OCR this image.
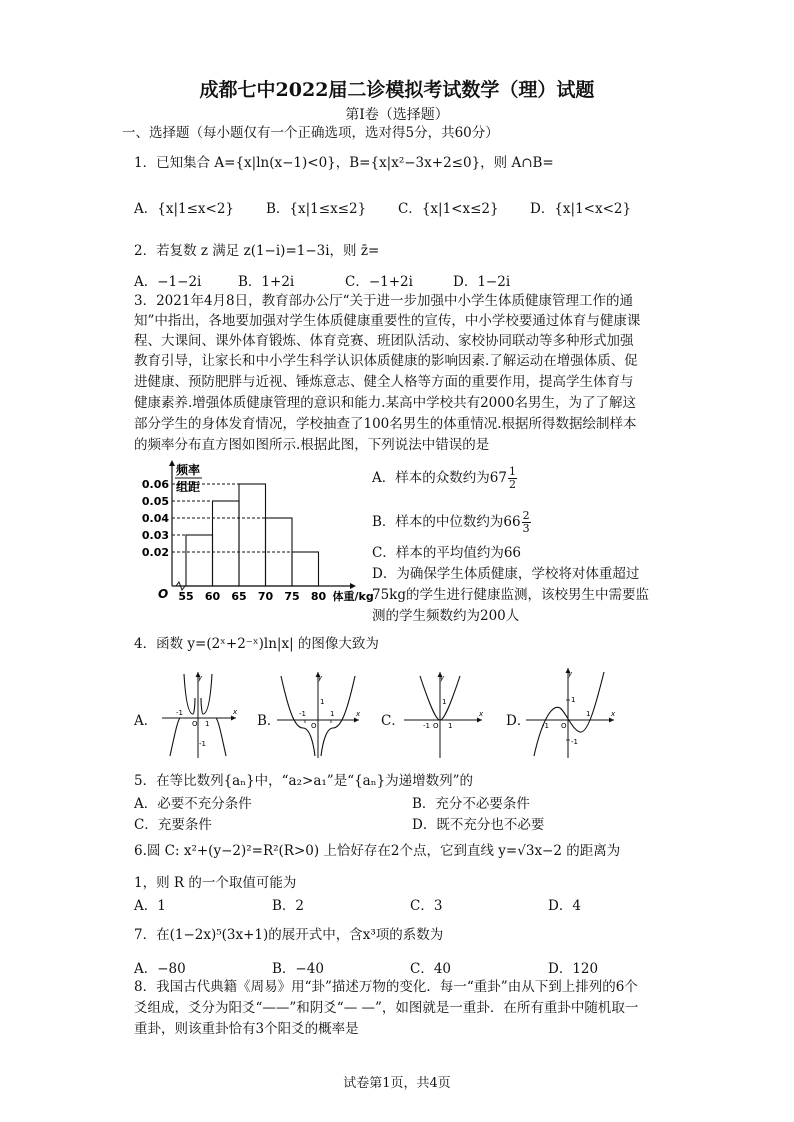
成都七中2022届二诊模拟考试数学（理）试题
第Ⅰ卷（选择题）
一、选择题（每小题仅有一个正确选项，选对得5分，共60分）
1．已知集合 A={x|ln(x−1)<0}，B={x|x²−3x+2≤0}，则 A∩B=
A．{x|1≤x<2} B．{x|1≤x≤2} C．{x|1<x≤2} D．{x|1<x<2}
2．若复数 z 满足 z(1−i)=1−3i，则 z̄=
A．−1−2i	B．1+2i	C．−1+2i	D．1−2i
3．2021年4月8日，教育部办公厅“关于进一步加强中小学生体质健康管理工作的通
知”中指出，各地要加强对学生体质健康重要性的宣传，中小学校要通过体育与健康课
程、大课间、课外体育锻炼、体育竞赛、班团队活动、家校协同联动等多种形式加强
教育引导，让家长和中小学生科学认识体质健康的影响因素.了解运动在增强体质、促
进健康、预防肥胖与近视、锤炼意志、健全人格等方面的重要作用，提高学生体育与
健康素养.增强体质健康管理的意识和能力.某高中学校共有2000名男生，为了了解这
部分学生的身体发育情况，学校抽查了100名男生的体重情况.根据所得数据绘制样本
的频率分布直方图如图所示.根据此图，下列说法中错误的是
0.06
0.05
0.04
0.03
0.02
55 60 65 70 75 80
O	体重/kg
频率
组距
A．样本的众数约为$67 \frac{1}{2}$
B．样本的中位数约为$66 \frac{2}{3}$
C．样本的平均值约为66
D．为确保学生体质健康，学校将对体重超过
75kg的学生进行健康监测，该校男生中需要监
测的学生频数约为200人
4．函数 y=(2ˣ+2⁻ˣ)ln|x| 的图像大致为
A．	B．	C．	D．
y
x
O
-1
1
-1
y
x
O
-1	1
1
y
x
O
-1	1
1
y
x
O
-1
1
1
-1
5．在等比数列{aₙ}中，“a₂>a₁”是“{aₙ}为递增数列”的
A．必要不充分条件	B．充分不必要条件
C．充要条件	D．既不充分也不必要
6.圆 C: x²+(y−2)²=R²(R>0) 上恰好存在2个点，它到直线 y=√3x−2 的距离为
1，则 R 的一个取值可能为
A．1	B．2	C．3	D．4
7．在(1−2x)⁵(3x+1)的展开式中，含x³项的系数为
A．−80	B．−40	C．40	D．120
8．我国古代典籍《周易》用“卦”描述万物的变化．每一“重卦”由从下到上排列的6个
爻组成，爻分为阳爻“——”和阴爻“— —”，如图就是一重卦．在所有重卦中随机取一
重卦，则该重卦恰有3个阳爻的概率是
试卷第1页，共4页
